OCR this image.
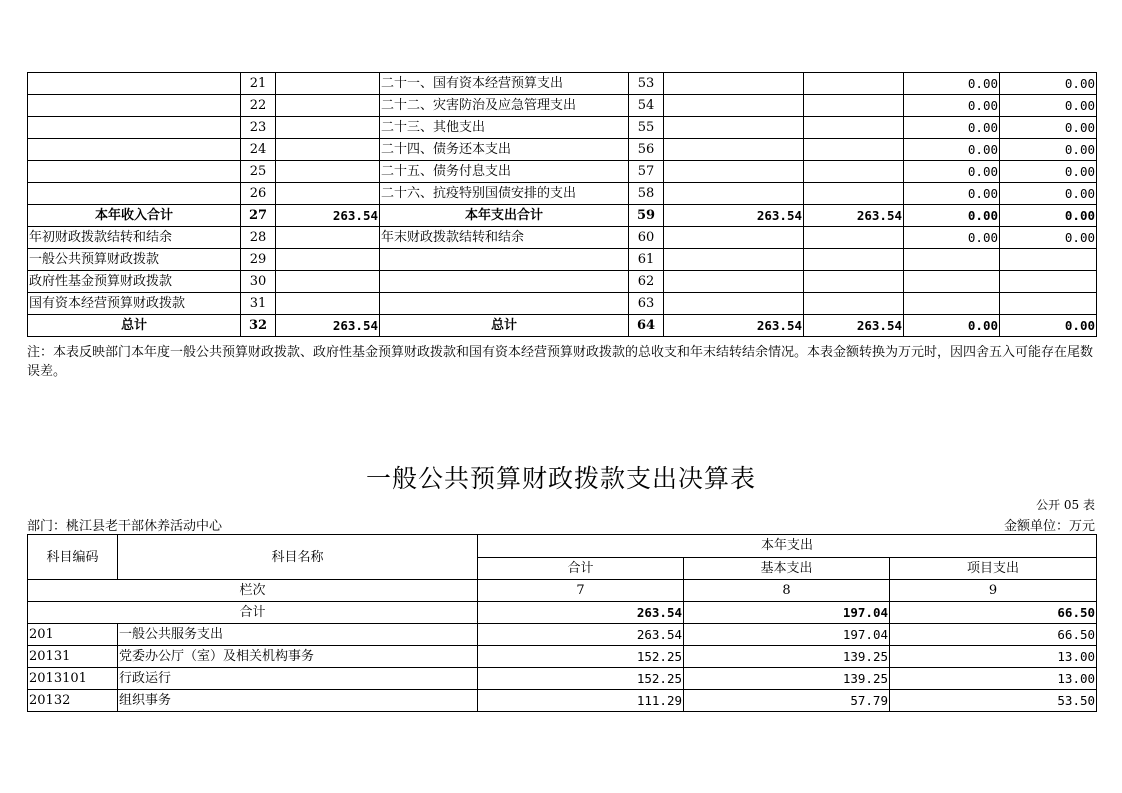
	21		二十一、国有资本经营预算支出	53			0.00	0.00
	22		二十二、灾害防治及应急管理支出	54			0.00	0.00
	23		二十三、其他支出	55			0.00	0.00
	24		二十四、债务还本支出	56			0.00	0.00
	25		二十五、债务付息支出	57			0.00	0.00
	26		二十六、抗疫特别国债安排的支出	58			0.00	0.00
本年收入合计	27	263.54	本年支出合计	59	263.54	263.54	0.00	0.00
年初财政拨款结转和结余	28		年末财政拨款结转和结余	60			0.00	0.00
一般公共预算财政拨款	29			61				
政府性基金预算财政拨款	30			62				
国有资本经营预算财政拨款	31			63				
总计	32	263.54	总计	64	263.54	263.54	0.00	0.00
注：本表反映部门本年度一般公共预算财政拨款、政府性基金预算财政拨款和国有资本经营预算财政拨款的总收支和年末结转结余情况。本表金额转换为万元时，因四舍五入可能存在尾数误差。
一般公共预算财政拨款支出决算表
公开 05 表
部门：桃江县老干部休养活动中心	金额单位：万元
科目编码	科目名称	本年支出		
		合计	基本支出	项目支出
栏次		7	8	9
合计		263.54	197.04	66.50
201	一般公共服务支出	263.54	197.04	66.50
20131	党委办公厅（室）及相关机构事务	152.25	139.25	13.00
2013101	行政运行	152.25	139.25	13.00
20132	组织事务	111.29	57.79	53.50
